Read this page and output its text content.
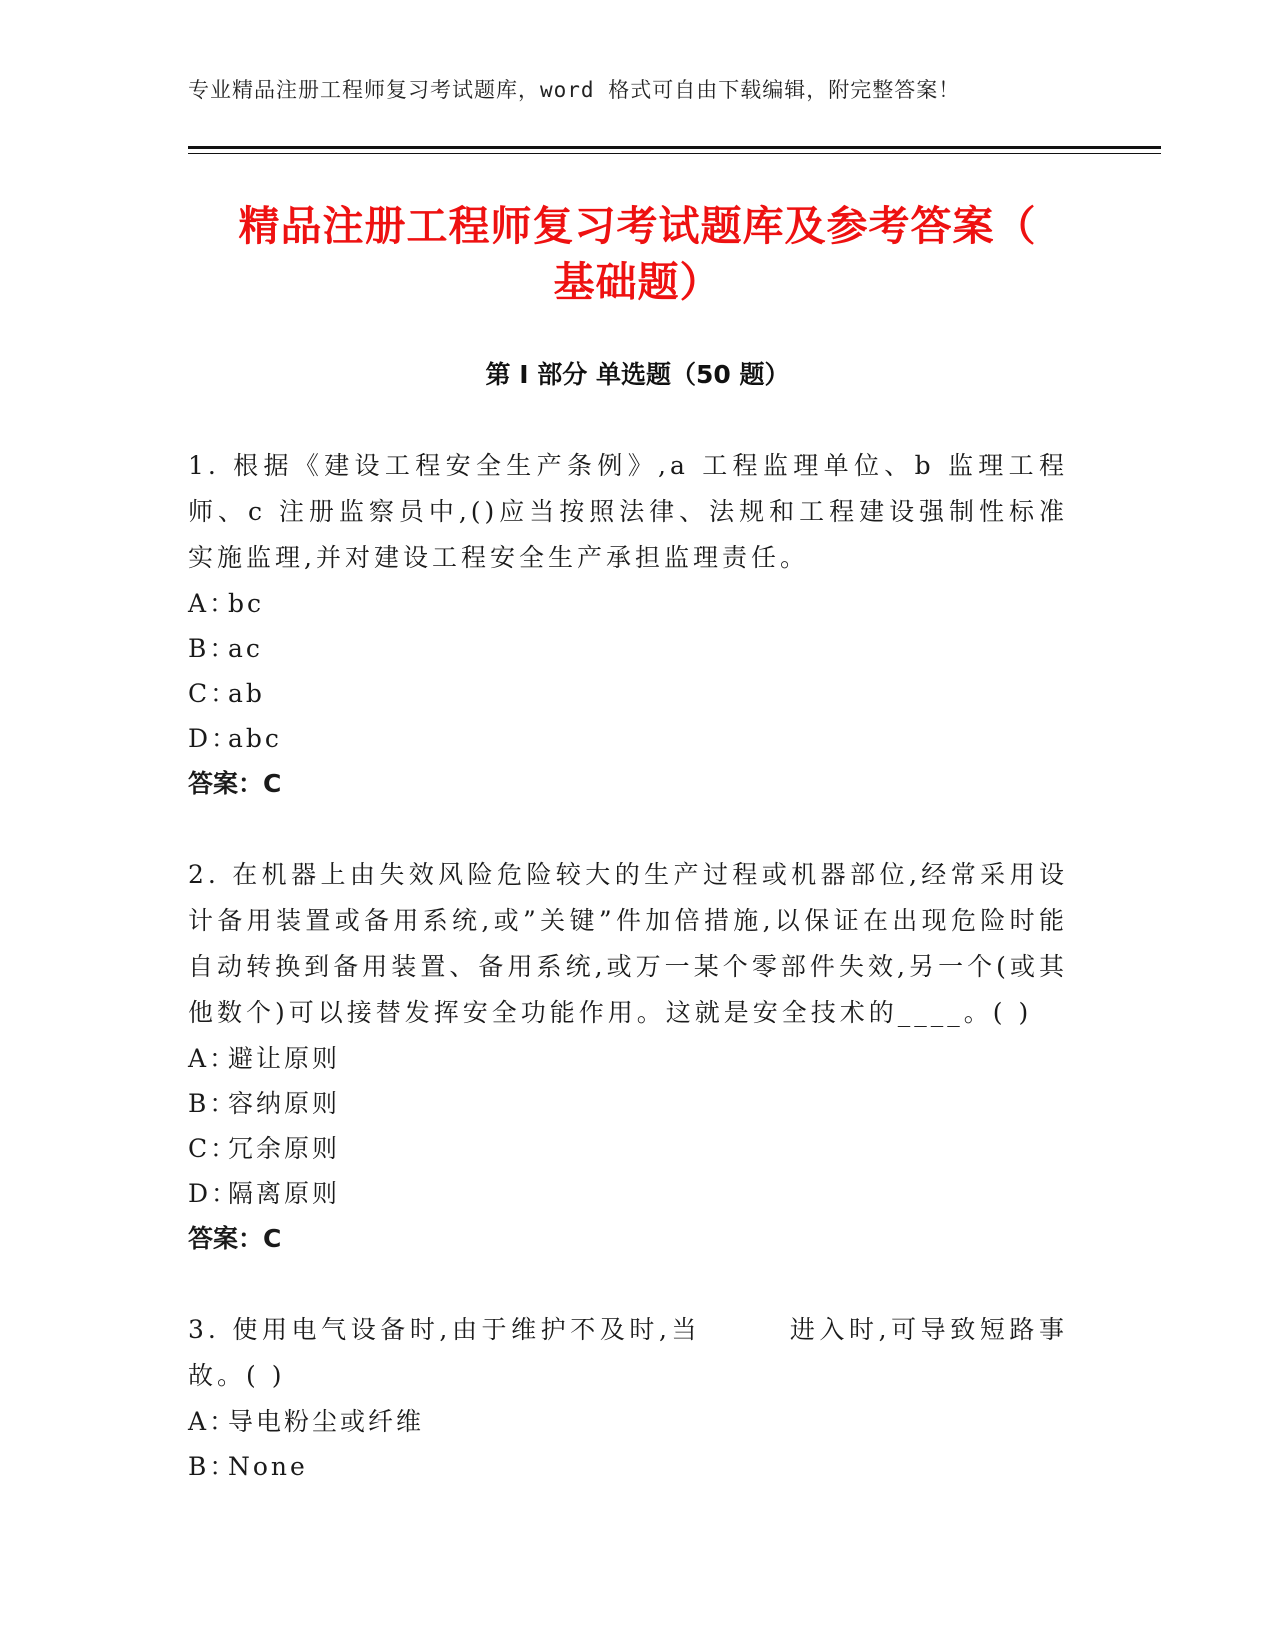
专业精品注册工程师复习考试题库，word 格式可自由下载编辑，附完整答案！
精品注册工程师复习考试题库及参考答案（
基础题）
第 I 部分 单选题（50 题）

1. 根据《建设工程安全生产条例》,a 工程监理单位、b 监理工程师、c 注册监察员中,()应当按照法律、法规和工程建设强制性标准实施监理,并对建设工程安全生产承担监理责任。

A ： bc

B ： ac

C ： ab

D ： abc

答案：C

2. 在机器上由失效风险危险较大的生产过程或机器部位,经常采用设计备用装置或备用系统,或”关键”件加倍措施,以保证在出现危险时能自动转换到备用装置、备用系统,或万一某个零部件失效,另一个(或其他数个)可以接替发挥安全功能作用。这就是安全技术的____。( )

A ： 避让原则

B ： 容纳原则

C ： 冗余原则

D ： 隔离原则

答案：C

3. 使用电气设备时,由于维护不及时,当　　　进入时,可导致短路事故。( )

A ： 导电粉尘或纤维

B ： None
